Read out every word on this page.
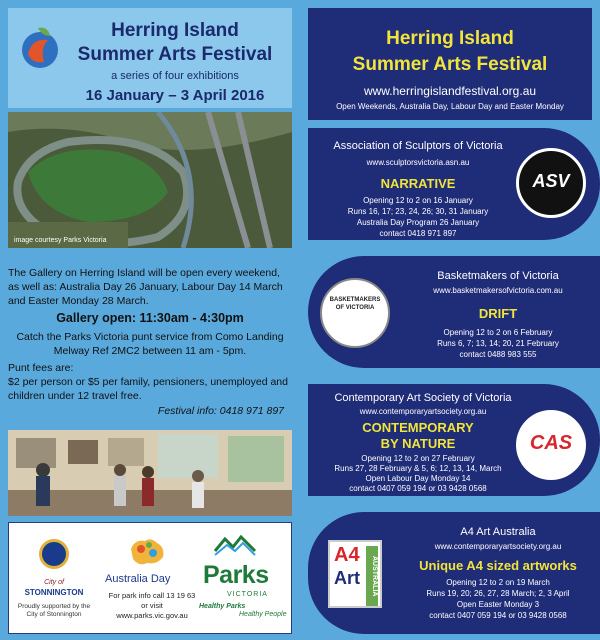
Herring Island
Summer Arts Festival
a series of four exhibitions
16 January – 3 April 2016
image courtesy Parks Victoria
The Gallery on Herring Island will be open every weekend, as well as: Australia Day 26 January, Labour Day 14 March and Easter Monday 28 March.
Gallery open: 11:30am - 4:30pm
Catch the Parks Victoria punt service from Como Landing Melway Ref 2MC2 between 11 am - 5pm.
Punt fees are:
$2 per person or $5 per family, pensioners, unemployed and children under 12 travel free.
Festival info: 0418 971 897
City of
STONNINGTON
Proudly supported by the City of Stonnington
Australia Day
For park info call 13 19 63 or visit www.parks.vic.gov.au
Parks
VICTORIA
Healthy Parks
Healthy People
Herring Island
Summer Arts Festival
www.herringislandfestival.org.au
Open Weekends, Australia Day, Labour Day and Easter Monday
Association of Sculptors of Victoria
www.sculptorsvictoria.asn.au
NARRATIVE
Opening 12 to 2 on 16 January
Runs 16, 17; 23, 24, 26; 30, 31 January
Australia Day Program 26 January
contact 0418 971 897
ASV
BASKETMAKERS OF VICTORIA
Basketmakers of Victoria
www.basketmakersofvictoria.com.au
DRIFT
Opening 12 to 2 on 6 February
Runs 6, 7; 13, 14; 20, 21 February
contact 0488 983 555
Contemporary Art Society of Victoria
www.contemporaryartsociety.org.au
CONTEMPORARY
BY NATURE
Opening 12 to 2 on 27 February
Runs 27, 28 February & 5, 6; 12, 13, 14, March
Open Labour Day Monday 14
contact 0407 059 194 or 03 9428 0568
CAS
A4
Art	AUSTRALIA
A4 Art Australia
www.contemporaryartsociety.org.au
Unique A4 sized artworks
Opening 12 to 2 on 19 March
Runs 19, 20; 26, 27, 28 March; 2, 3 April
Open Easter Monday 3
contact 0407 059 194 or 03 9428 0568
